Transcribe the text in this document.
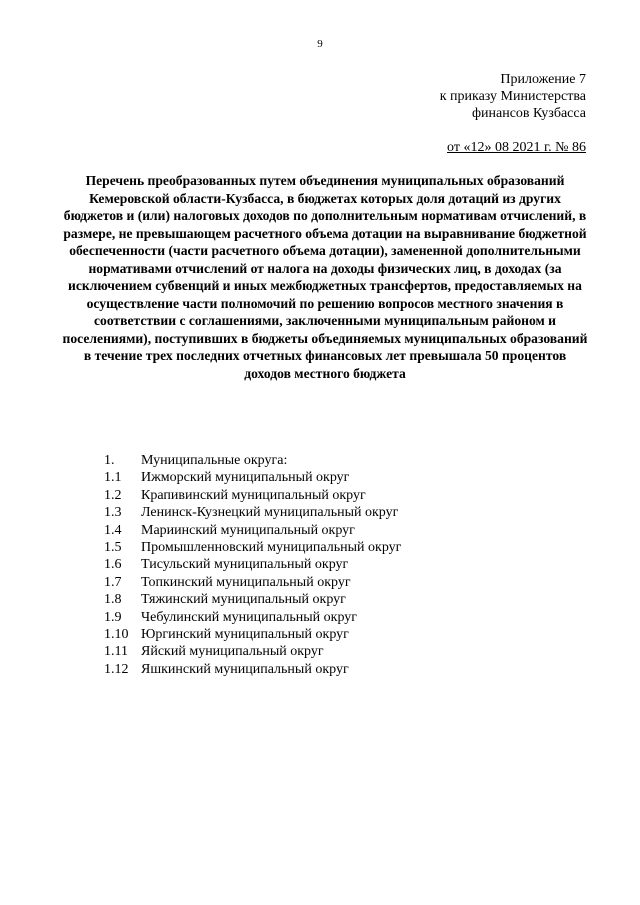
9
Приложение 7
к приказу Министерства
финансов Кузбасса
от «12» 08 2021 г. № 86
Перечень преобразованных путем объединения муниципальных образований Кемеровской области-Кузбасса, в бюджетах которых доля дотаций из других бюджетов и (или) налоговых доходов по дополнительным нормативам отчислений, в размере, не превышающем расчетного объема дотации на выравнивание бюджетной обеспеченности (части расчетного объема дотации), замененной дополнительными нормативами отчислений от налога на доходы физических лиц, в доходах (за исключением субвенций и иных межбюджетных трансфертов, предоставляемых на осуществление части полномочий по решению вопросов местного значения в соответствии с соглашениями, заключенными муниципальным районом и поселениями), поступивших в бюджеты объединяемых муниципальных образований в течение трех последних отчетных финансовых лет превышала 50 процентов доходов местного бюджета
1. Муниципальные округа:
1.1 Ижморский муниципальный округ
1.2 Крапивинский муниципальный округ
1.3 Ленинск-Кузнецкий муниципальный округ
1.4 Мариинский муниципальный округ
1.5 Промышленновский муниципальный округ
1.6 Тисульский муниципальный округ
1.7 Топкинский муниципальный округ
1.8 Тяжинский муниципальный округ
1.9 Чебулинский муниципальный округ
1.10 Юргинский муниципальный округ
1.11 Яйский муниципальный округ
1.12 Яшкинский муниципальный округ
